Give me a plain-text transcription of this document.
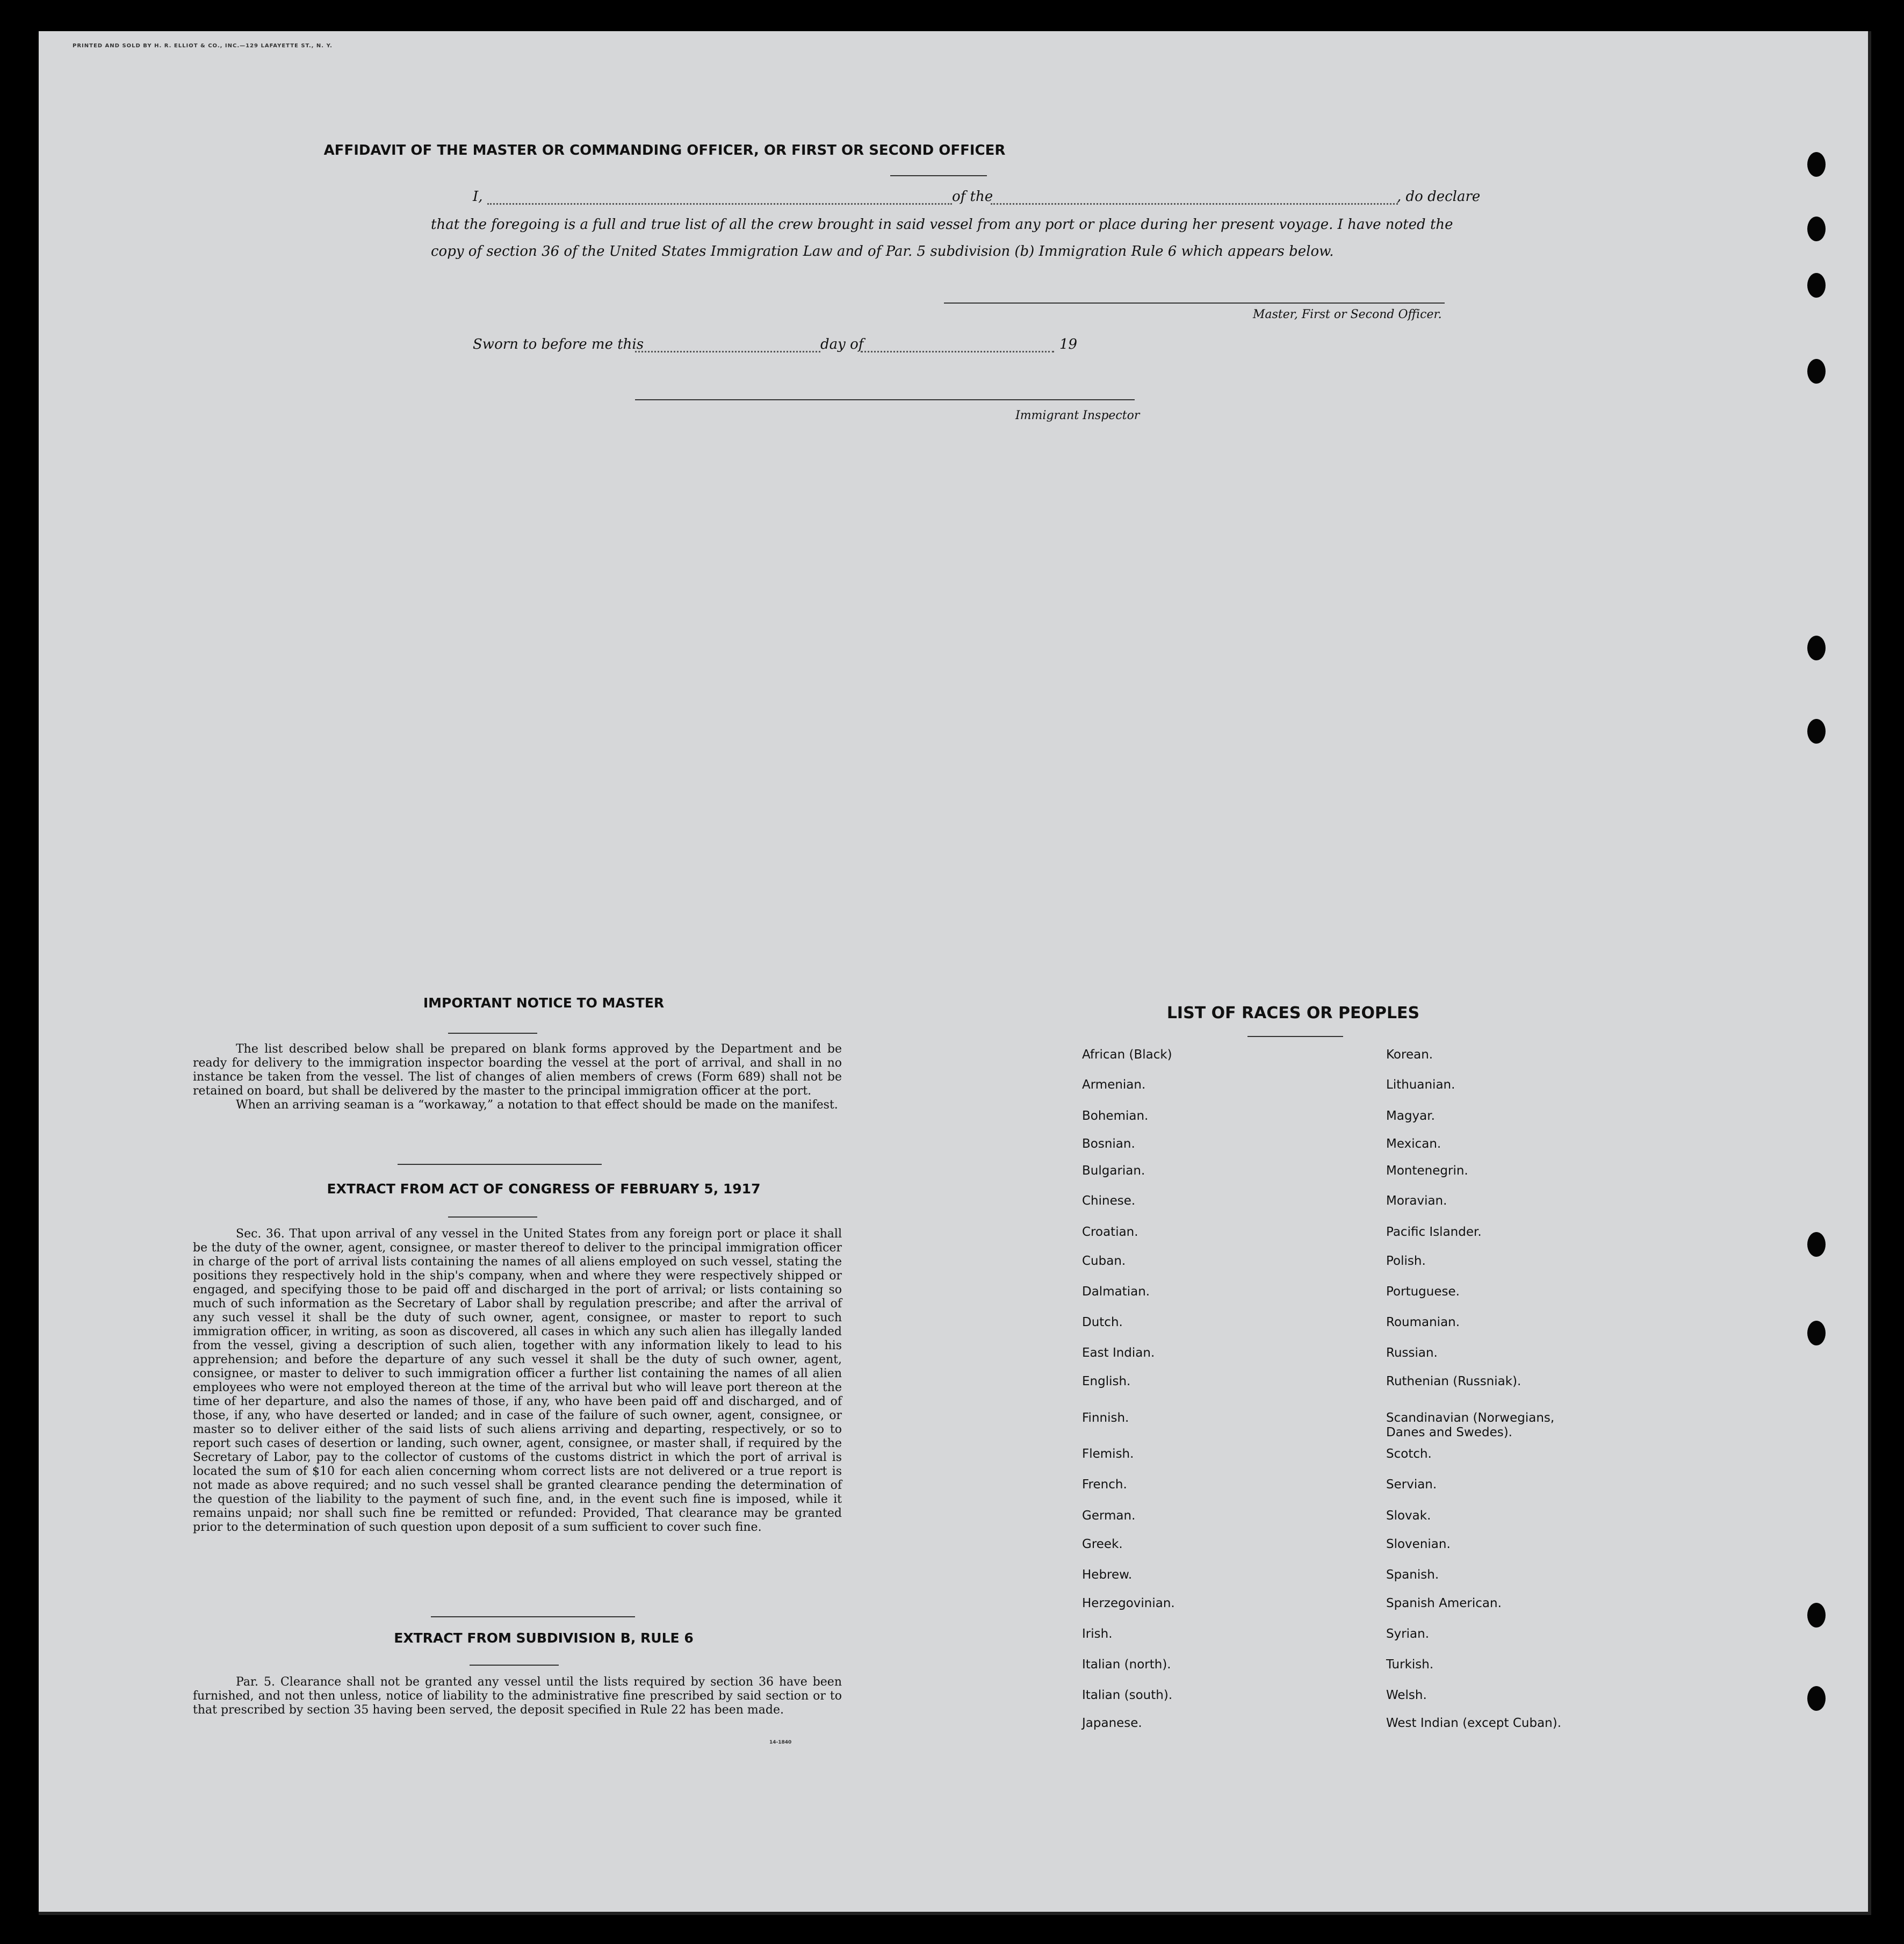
PRINTED AND SOLD BY H. R. ELLIOT & CO., INC.—129 LAFAYETTE ST., N. Y.
AFFIDAVIT OF THE MASTER OR COMMANDING OFFICER, OR FIRST OR SECOND OFFICER
I,	of the	, do declare
that the foregoing is a full and true list of all the crew brought in said vessel from any port or place during her present voyage. I have noted the
copy of section 36 of the United States Immigration Law and of Par. 5 subdivision (b) Immigration Rule 6 which appears below.
Master, First or Second Officer.
Sworn to before me this	day of	19
Immigrant Inspector
IMPORTANT NOTICE TO MASTER

The list described below shall be prepared on blank forms approved by the Department and be ready for delivery to the immigration inspector boarding the vessel at the port of arrival, and shall in no instance be taken from the vessel. The list of changes of alien members of crews (Form 689) shall not be retained on board, but shall be delivered by the master to the principal immigration officer at the port.

When an arriving seaman is a “workaway,” a notation to that effect should be made on the manifest.

EXTRACT FROM ACT OF CONGRESS OF FEBRUARY 5, 1917

Sec. 36. That upon arrival of any vessel in the United States from any foreign port or place it shall be the duty of the owner, agent, consignee, or master thereof to deliver to the principal immigration officer in charge of the port of arrival lists containing the names of all aliens employed on such vessel, stating the positions they respectively hold in the ship's company, when and where they were respectively shipped or engaged, and specifying those to be paid off and discharged in the port of arrival; or lists containing so much of such information as the Secretary of Labor shall by regulation prescribe; and after the arrival of any such vessel it shall be the duty of such owner, agent, consignee, or master to report to such immigration officer, in writing, as soon as discovered, all cases in which any such alien has illegally landed from the vessel, giving a description of such alien, together with any information likely to lead to his apprehension; and before the departure of any such vessel it shall be the duty of such owner, agent, consignee, or master to deliver to such immigration officer a further list containing the names of all alien employees who were not employed thereon at the time of the arrival but who will leave port thereon at the time of her departure, and also the names of those, if any, who have been paid off and discharged, and of those, if any, who have deserted or landed; and in case of the failure of such owner, agent, consignee, or master so to deliver either of the said lists of such aliens arriving and departing, respectively, or so to report such cases of desertion or landing, such owner, agent, consignee, or master shall, if required by the Secretary of Labor, pay to the collector of customs of the customs district in which the port of arrival is located the sum of $10 for each alien concerning whom correct lists are not delivered or a true report is not made as above required; and no such vessel shall be granted clearance pending the determination of the question of the liability to the payment of such fine, and, in the event such fine is imposed, while it remains unpaid; nor shall such fine be remitted or refunded: Provided, That clearance may be granted prior to the determination of such question upon deposit of a sum sufficient to cover such fine.

EXTRACT FROM SUBDIVISION B, RULE 6

Par. 5. Clearance shall not be granted any vessel until the lists required by section 36 have been furnished, and not then unless, notice of liability to the administrative fine prescribed by said section or to that prescribed by section 35 having been served, the deposit specified in Rule 22 has been made.

14-1840
LIST OF RACES OR PEOPLES
African (Black)
Armenian.
Bohemian.
Bosnian.
Bulgarian.
Chinese.
Croatian.
Cuban.
Dalmatian.
Dutch.
East Indian.
English.
Finnish.
Flemish.
French.
German.
Greek.
Hebrew.
Herzegovinian.
Irish.
Italian (north).
Italian (south).
Japanese.
Korean.
Lithuanian.
Magyar.
Mexican.
Montenegrin.
Moravian.
Pacific Islander.
Polish.
Portuguese.
Roumanian.
Russian.
Ruthenian (Russniak).
Scandinavian (Norwegians, Danes and Swedes).
Scotch.
Servian.
Slovak.
Slovenian.
Spanish.
Spanish American.
Syrian.
Turkish.
Welsh.
West Indian (except Cuban).
